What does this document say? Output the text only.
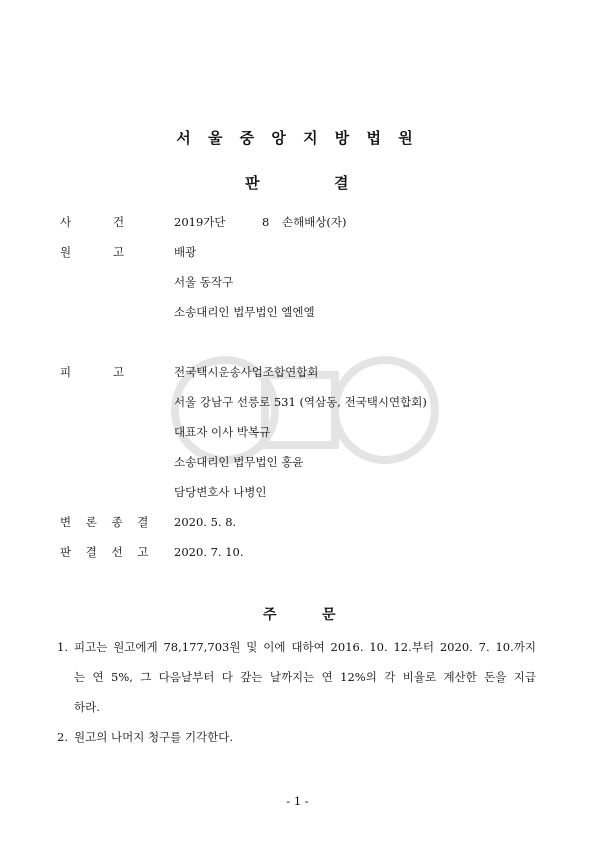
서 울 중 앙 지 방 법 원
판	결
사	건	2019가단	8 손해배상(자)
원	고	배광
서울 동작구
소송대리인 법무법인 엘엔엘
피	고	전국택시운송사업조합연합회
서울 강남구 선릉로 531 (역삼동, 전국택시연합회)
대표자 이사 박복규
소송대리인 법무법인 홍윤
담당변호사 나병인
변 론 종 결 2020. 5. 8.
판 결 선 고 2020. 7. 10.
주	문
1. 피고는 원고에게 78,177,703원 및 이에 대하여 2016. 10. 12.부터 2020. 7. 10.까지
는 연 5%, 그 다음날부터 다 갚는 날까지는 연 12%의 각 비율로 계산한 돈을 지급
하라.
2. 원고의 나머지 청구를 기각한다.
- 1 -
